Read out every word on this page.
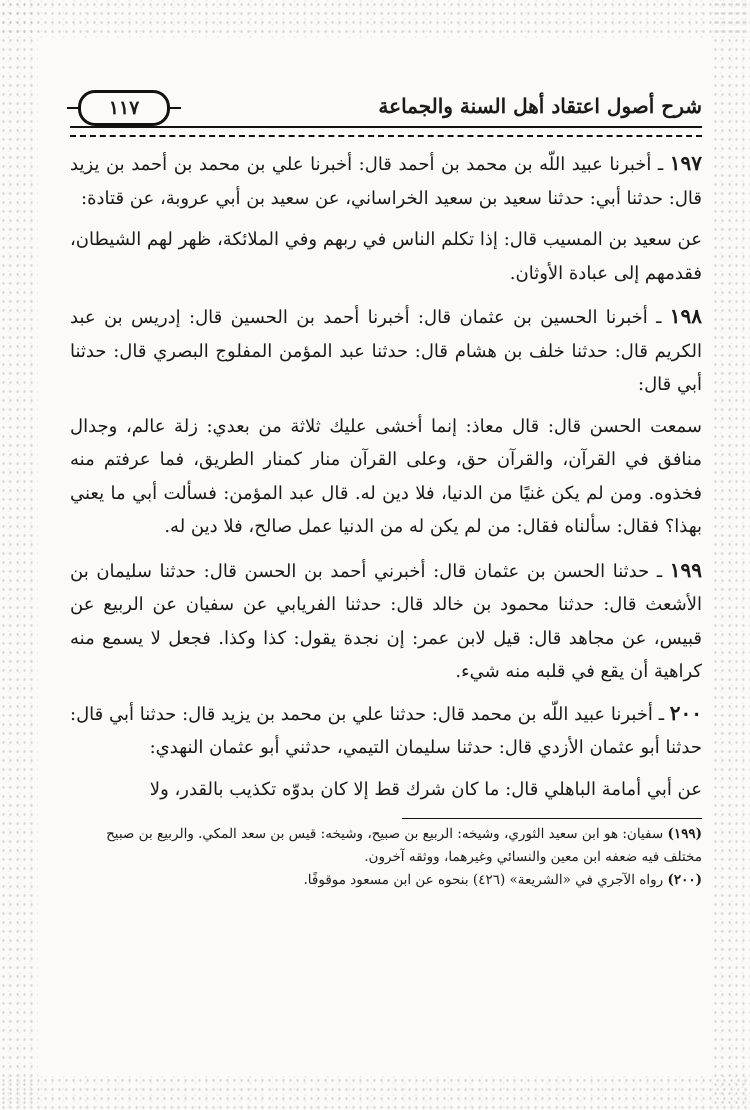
شرح أصول اعتقاد أهل السنة والجماعة
١١٧

١٩٧ ـ أخبرنا عبيد اللّه بن محمد بن أحمد قال: أخبرنا علي بن محمد بن أحمد بن يزيد قال: حدثنا أبي: حدثنا سعيد بن سعيد الخراساني، عن سعيد بن أبي عروبة، عن قتادة:

عن سعيد بن المسيب قال: إذا تكلم الناس في ربهم وفي الملائكة، ظهر لهم الشيطان، فقدمهم إلى عبادة الأوثان.

١٩٨ ـ أخبرنا الحسين بن عثمان قال: أخبرنا أحمد بن الحسين قال: إدريس بن عبد الكريم قال: حدثنا خلف بن هشام قال: حدثنا عبد المؤمن المفلوج البصري قال: حدثنا أبي قال:

سمعت الحسن قال: قال معاذ: إنما أخشى عليك ثلاثة من بعدي: زلة عالم، وجدال منافق في القرآن، والقرآن حق، وعلى القرآن منار كمنار الطريق، فما عرفتم منه فخذوه. ومن لم يكن غنيًا من الدنيا، فلا دين له. قال عبد المؤمن: فسألت أبي ما يعني بهذا؟ فقال: سألناه فقال: من لم يكن له من الدنيا عمل صالح، فلا دين له.

١٩٩ ـ حدثنا الحسن بن عثمان قال: أخبرني أحمد بن الحسن قال: حدثنا سليمان بن الأشعث قال: حدثنا محمود بن خالد قال: حدثنا الفريابي عن سفيان عن الربيع عن قبيس، عن مجاهد قال: قيل لابن عمر: إن نجدة يقول: كذا وكذا. فجعل لا يسمع منه كراهية أن يقع في قلبه منه شيء.

٢٠٠ ـ أخبرنا عبيد اللّه بن محمد قال: حدثنا علي بن محمد بن يزيد قال: حدثنا أبي قال: حدثنا أبو عثمان الأزدي قال: حدثنا سليمان التيمي، حدثني أبو عثمان النهدي:

عن أبي أمامة الباهلي قال: ما كان شرك قط إلا كان بدوّه تكذيب بالقدر، ولا

(١٩٩) سفيان: هو ابن سعيد الثوري، وشيخه: الربيع بن صبيح، وشيخه: قيس بن سعد المكي. والربيع بن صبيح مختلف فيه ضعفه ابن معين والنسائي وغيرهما، ووثقه آخرون.

(٢٠٠) رواه الآجري في «الشريعة» (٤٢٦) بنحوه عن ابن مسعود موقوفًا.
